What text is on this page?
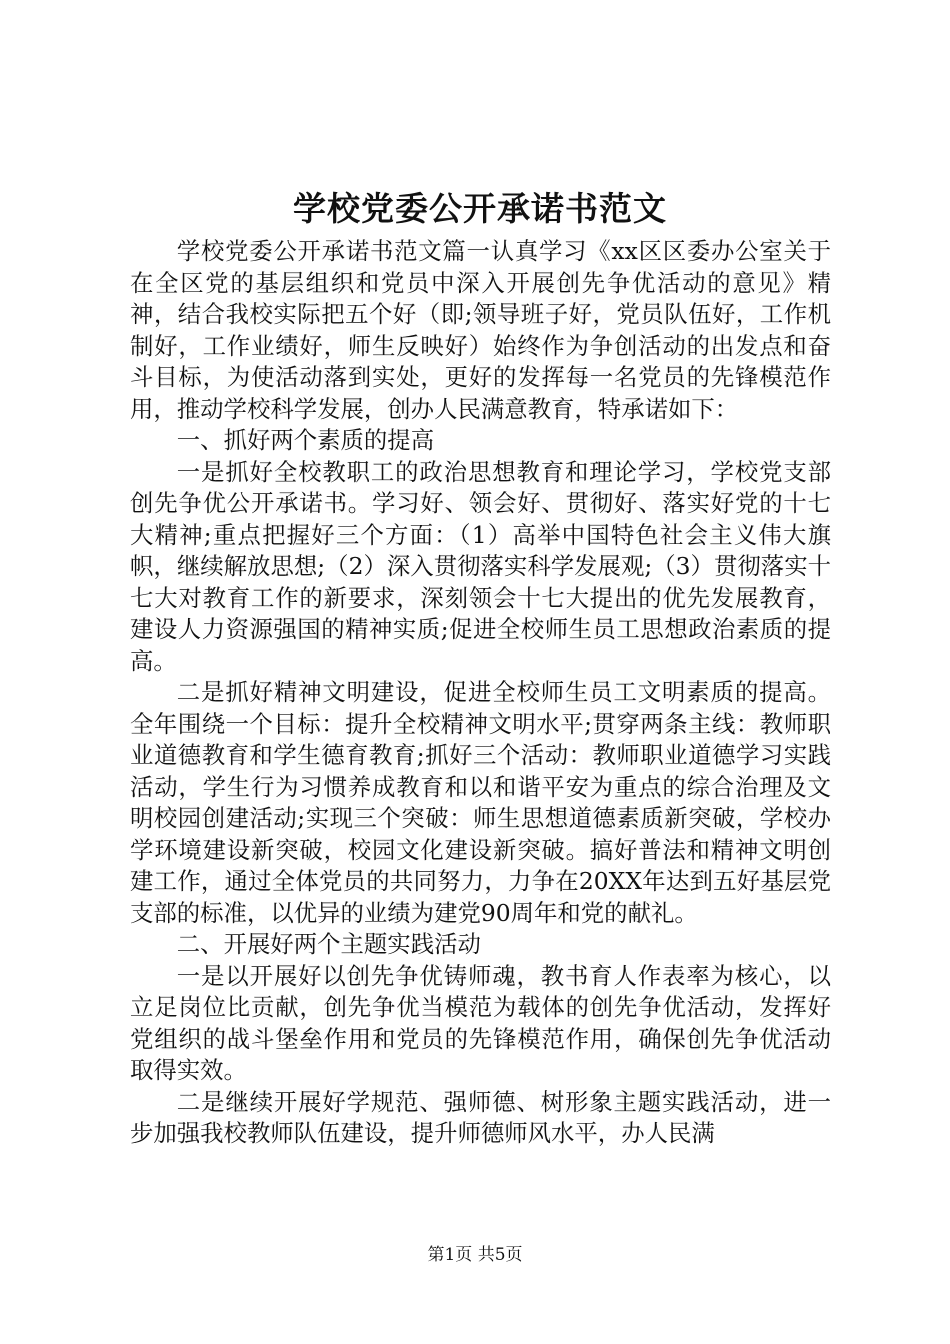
学校党委公开承诺书范文

学校党委公开承诺书范文篇一认真学习《xx区区委办公室关于在全区党的基层组织和党员中深入开展创先争优活动的意见》精神，结合我校实际把五个好（即;领导班子好，党员队伍好，工作机制好，工作业绩好，师生反映好）始终作为争创活动的出发点和奋斗目标，为使活动落到实处，更好的发挥每一名党员的先锋模范作用，推动学校科学发展，创办人民满意教育，特承诺如下：

一、抓好两个素质的提高

一是抓好全校教职工的政治思想教育和理论学习，学校党支部创先争优公开承诺书。学习好、领会好、贯彻好、落实好党的十七大精神;重点把握好三个方面：（1）高举中国特色社会主义伟大旗帜，继续解放思想;（2）深入贯彻落实科学发展观;（3）贯彻落实十七大对教育工作的新要求，深刻领会十七大提出的优先发展教育，建设人力资源强国的精神实质;促进全校师生员工思想政治素质的提高。

二是抓好精神文明建设，促进全校师生员工文明素质的提高。全年围绕一个目标：提升全校精神文明水平;贯穿两条主线：教师职业道德教育和学生德育教育;抓好三个活动：教师职业道德学习实践活动，学生行为习惯养成教育和以和谐平安为重点的综合治理及文明校园创建活动;实现三个突破：师生思想道德素质新突破，学校办学环境建设新突破，校园文化建设新突破。搞好普法和精神文明创建工作，通过全体党员的共同努力，力争在20XX年达到五好基层党支部的标准，以优异的业绩为建党90周年和党的献礼。

二、开展好两个主题实践活动

一是以开展好以创先争优铸师魂，教书育人作表率为核心，以立足岗位比贡献，创先争优当模范为载体的创先争优活动，发挥好党组织的战斗堡垒作用和党员的先锋模范作用，确保创先争优活动取得实效。

二是继续开展好学规范、强师德、树形象主题实践活动，进一步加强我校教师队伍建设，提升师德师风水平，办人民满

第1页 共5页
